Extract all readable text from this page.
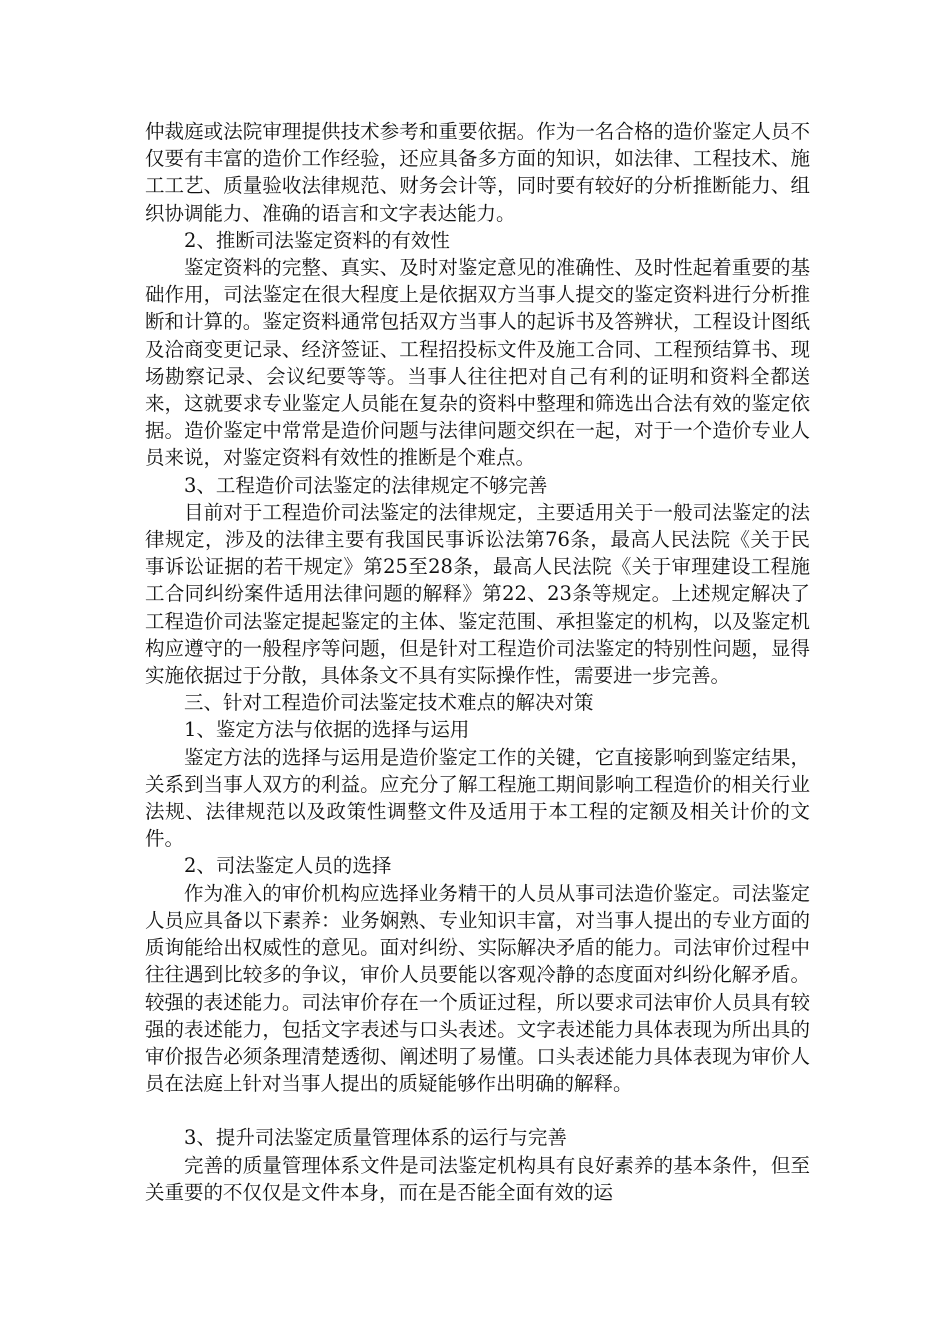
仲裁庭或法院审理提供技术参考和重要依据。作为一名合格的造价鉴定人员不仅要有丰富的造价工作经验，还应具备多方面的知识，如法律、工程技术、施工工艺、质量验收法律规范、财务会计等，同时要有较好的分析推断能力、组织协调能力、准确的语言和文字表达能力。

2、推断司法鉴定资料的有效性

鉴定资料的完整、真实、及时对鉴定意见的准确性、及时性起着重要的基础作用，司法鉴定在很大程度上是依据双方当事人提交的鉴定资料进行分析推断和计算的。鉴定资料通常包括双方当事人的起诉书及答辨状，工程设计图纸及洽商变更记录、经济签证、工程招投标文件及施工合同、工程预结算书、现场勘察记录、会议纪要等等。当事人往往把对自己有利的证明和资料全都送来，这就要求专业鉴定人员能在复杂的资料中整理和筛选出合法有效的鉴定依据。造价鉴定中常常是造价问题与法律问题交织在一起，对于一个造价专业人员来说，对鉴定资料有效性的推断是个难点。

3、工程造价司法鉴定的法律规定不够完善

目前对于工程造价司法鉴定的法律规定，主要适用关于一般司法鉴定的法律规定，涉及的法律主要有我国民事诉讼法第76条，最高人民法院《关于民事诉讼证据的若干规定》第25至28条，最高人民法院《关于审理建设工程施工合同纠纷案件适用法律问题的解释》第22、23条等规定。上述规定解决了工程造价司法鉴定提起鉴定的主体、鉴定范围、承担鉴定的机构，以及鉴定机构应遵守的一般程序等问题，但是针对工程造价司法鉴定的特别性问题，显得实施依据过于分散，具体条文不具有实际操作性，需要进一步完善。

三、针对工程造价司法鉴定技术难点的解决对策

1、鉴定方法与依据的选择与运用

鉴定方法的选择与运用是造价鉴定工作的关键，它直接影响到鉴定结果，关系到当事人双方的利益。应充分了解工程施工期间影响工程造价的相关行业法规、法律规范以及政策性调整文件及适用于本工程的定额及相关计价的文件。

2、司法鉴定人员的选择

作为准入的审价机构应选择业务精干的人员从事司法造价鉴定。司法鉴定人员应具备以下素养：业务娴熟、专业知识丰富，对当事人提出的专业方面的质询能给出权威性的意见。面对纠纷、实际解决矛盾的能力。司法审价过程中往往遇到比较多的争议，审价人员要能以客观冷静的态度面对纠纷化解矛盾。较强的表述能力。司法审价存在一个质证过程，所以要求司法审价人员具有较强的表述能力，包括文字表述与口头表述。文字表述能力具体表现为所出具的审价报告必须条理清楚透彻、阐述明了易懂。口头表述能力具体表现为审价人员在法庭上针对当事人提出的质疑能够作出明确的解释。

3、提升司法鉴定质量管理体系的运行与完善

完善的质量管理体系文件是司法鉴定机构具有良好素养的基本条件，但至关重要的不仅仅是文件本身，而在是否能全面有效的运
